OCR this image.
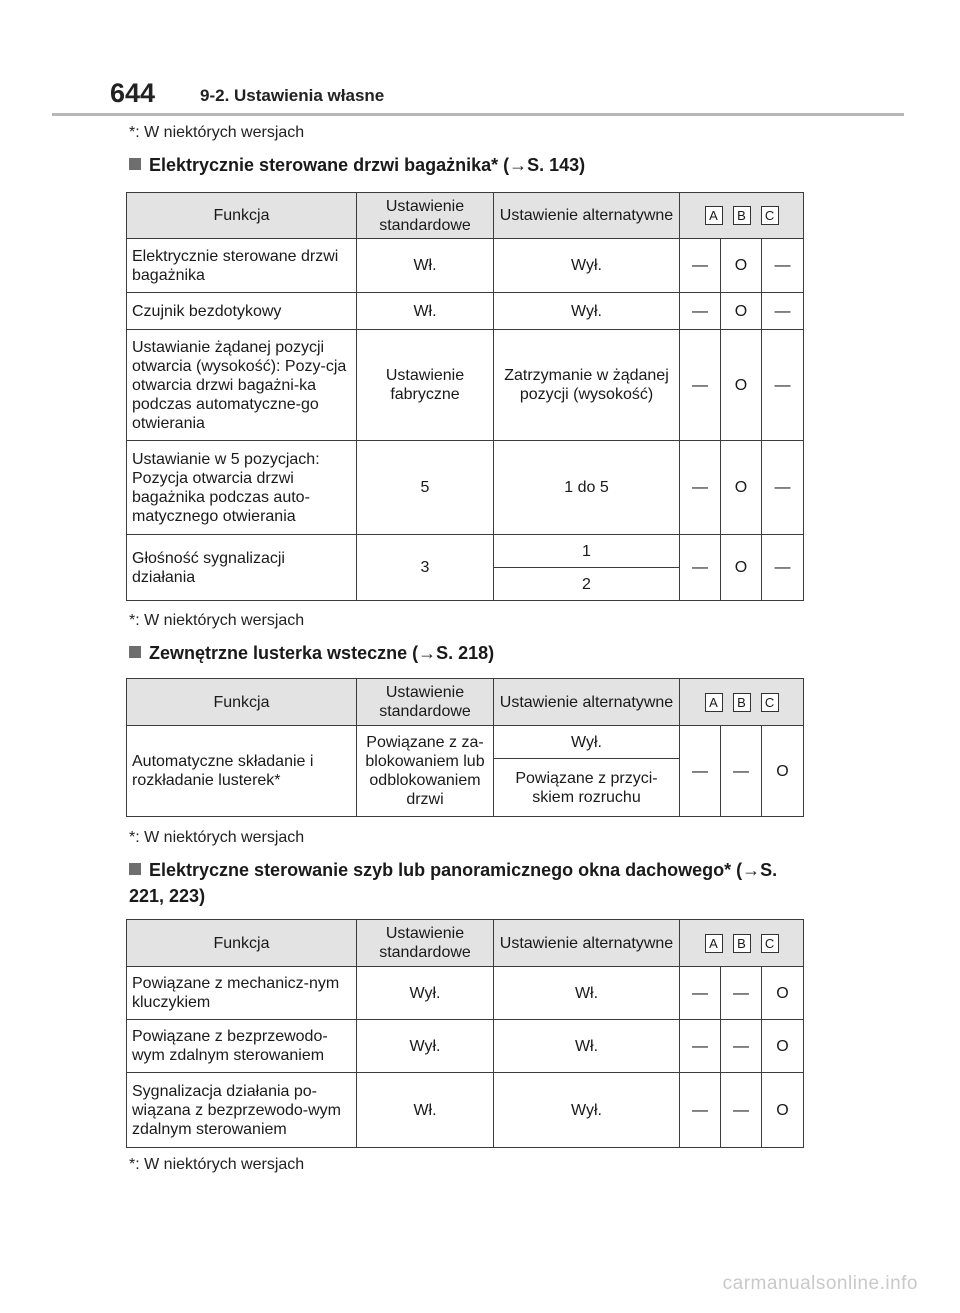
644	9-2. Ustawienia własne
*: W niektórych wersjach
Elektrycznie sterowane drzwi bagażnika* (→S. 143)
Funkcja	Ustawienie standardowe	Ustawienie alternatywne	A B C		
Elektrycznie sterowane drzwi bagażnika	Wł.	Wył.	—	O	—
Czujnik bezdotykowy	Wł.	Wył.	—	O	—
Ustawianie żądanej pozycji otwarcia (wysokość): Pozy-cja otwarcia drzwi bagażni-ka podczas automatyczne-go otwierania	Ustawienie fabryczne	Zatrzymanie w żądanej pozycji (wysokość)	—	O	—
Ustawianie w 5 pozycjach: Pozycja otwarcia drzwi bagażnika podczas auto-matycznego otwierania	5	1 do 5	—	O	—
Głośność sygnalizacji działania	3	1	—	O	—
		2			
*: W niektórych wersjach
Zewnętrzne lusterka wsteczne (→S. 218)
Funkcja	Ustawienie standardowe	Ustawienie alternatywne	A B C		
Automatyczne składanie i rozkładanie lusterek*	Powiązane z za-blokowaniem lub odblokowaniem drzwi	Wył.	—	—	O
		Powiązane z przyci-skiem rozruchu			
*: W niektórych wersjach
Elektryczne sterowanie szyb lub panoramicznego okna dachowego* (→S. 221, 223)
Funkcja	Ustawienie standardowe	Ustawienie alternatywne	A B C		
Powiązane z mechanicz-nym kluczykiem	Wył.	Wł.	—	—	O
Powiązane z bezprzewodo-wym zdalnym sterowaniem	Wył.	Wł.	—	—	O
Sygnalizacja działania po-wiązana z bezprzewodo-wym zdalnym sterowaniem	Wł.	Wył.	—	—	O
*: W niektórych wersjach
carmanualsonline.info
